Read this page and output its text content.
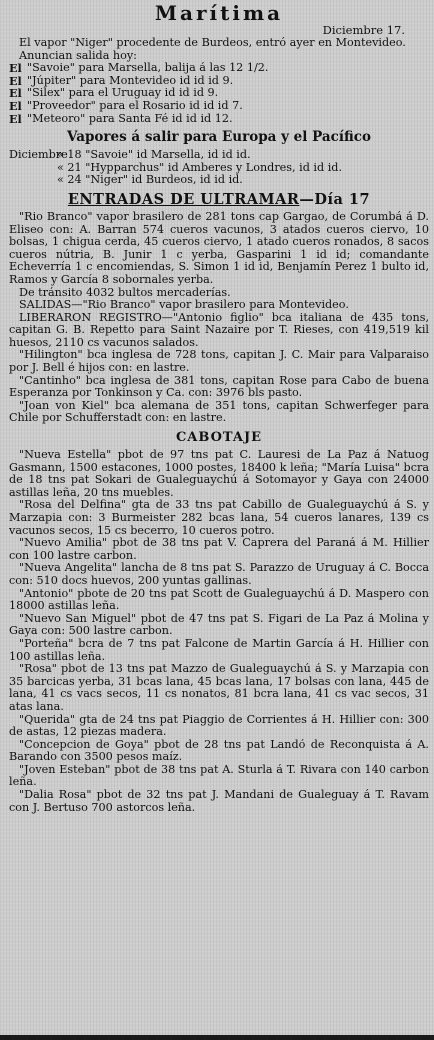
Marítima
Diciembre 17.

El vapor "Niger" procedente de Burdeos, entró ayer en Montevideo.

Anuncian salida hoy:
El "Savoie" para Marsella, balija á las 12 1/2.
El "Júpiter" para Montevideo id id id 9.
El "Silex" para el Uruguay id id id 9.
El "Proveedor" para el Rosario id id id 7.
El "Meteoro" para Santa Fé id id id 12.
Vapores á salir para Europa y el Pacífico
Diciembre
« 18 "Savoie" id Marsella, id id id.
« 21 "Hypparchus" id Amberes y Londres, id id id.
« 24 "Niger" id Burdeos, id id id.
ENTRADAS DE ULTRAMAR—Día 17

"Rio Branco" vapor brasilero de 281 tons cap Gargao, de Corumbá á D. Eliseo con: A. Barran 574 cueros vacunos, 3 atados cueros ciervo, 10 bolsas, 1 chigua cerda, 45 cueros ciervo, 1 atado cueros ronados, 8 sacos cueros nútria, B. Junir 1 c yerba, Gasparini 1 id id; comandante Echeverría 1 c encomiendas, S. Simon 1 id id, Benjamín Perez 1 bulto id, Ramos y García 8 sobornales yerba.

De tránsito 4032 bultos mercaderías.

SALIDAS—"Rio Branco" vapor brasilero para Montevideo.

LIBERARON REGISTRO—"Antonio figlio" bca italiana de 435 tons, capitan G. B. Repetto para Saint Nazaire por T. Rieses, con 419,519 kil huesos, 2110 cs vacunos salados.

"Hilington" bca inglesa de 728 tons, capitan J. C. Mair para Valparaiso por J. Bell é hijos con: en lastre.

"Cantinho" bca inglesa de 381 tons, capitan Rose para Cabo de buena Esperanza por Tonkinson y Ca. con: 3976 bls pasto.

"Joan von Kiel" bca alemana de 351 tons, capitan Schwerfeger para Chile por Schufferstadt con: en lastre.

CABOTAJE

"Nueva Estella" pbot de 97 tns pat C. Lauresi de La Paz á Natuog Gasmann, 1500 estacones, 1000 postes, 18400 k leña; "María Luisa" bcra de 18 tns pat Sokari de Gualeguaychú á Sotomayor y Gaya con 24000 astillas leña, 20 tns muebles.

"Rosa del Delfina" gta de 33 tns pat Cabillo de Gualeguaychú á S. y Marzapia con: 3 Burmeister 282 bcas lana, 54 cueros lanares, 139 cs vacunos secos, 15 cs becerro, 10 cueros potro.

"Nuevo Amilia" pbot de 38 tns pat V. Caprera del Paraná á M. Hillier con 100 lastre carbon.

"Nueva Angelita" lancha de 8 tns pat S. Parazzo de Uruguay á C. Bocca con: 510 docs huevos, 200 yuntas gallinas.

"Antonio" pbote de 20 tns pat Scott de Gualeguaychú á D. Maspero con 18000 astillas leña.

"Nuevo San Miguel" pbot de 47 tns pat S. Figari de La Paz á Molina y Gaya con: 500 lastre carbon.

"Porteña" bcra de 7 tns pat Falcone de Martin García á H. Hillier con 100 astillas leña.

"Rosa" pbot de 13 tns pat Mazzo de Gualeguaychú á S. y Marzapia con 35 barcicas yerba, 31 bcas lana, 45 bcas lana, 17 bolsas con lana, 445 de lana, 41 cs vacs secos, 11 cs nonatos, 81 bcra lana, 41 cs vac secos, 31 atas lana.

"Querida" gta de 24 tns pat Piaggio de Corrientes á H. Hillier con: 300 de astas, 12 piezas madera.

"Concepcion de Goya" pbot de 28 tns pat Landó de Reconquista á A. Barando con 3500 pesos maíz.

"Joven Esteban" pbot de 38 tns pat A. Sturla á T. Rivara con 140 carbon leña.

"Dalia Rosa" pbot de 32 tns pat J. Mandani de Gualeguay á T. Ravam con J. Bertuso 700 astorcos leña.
